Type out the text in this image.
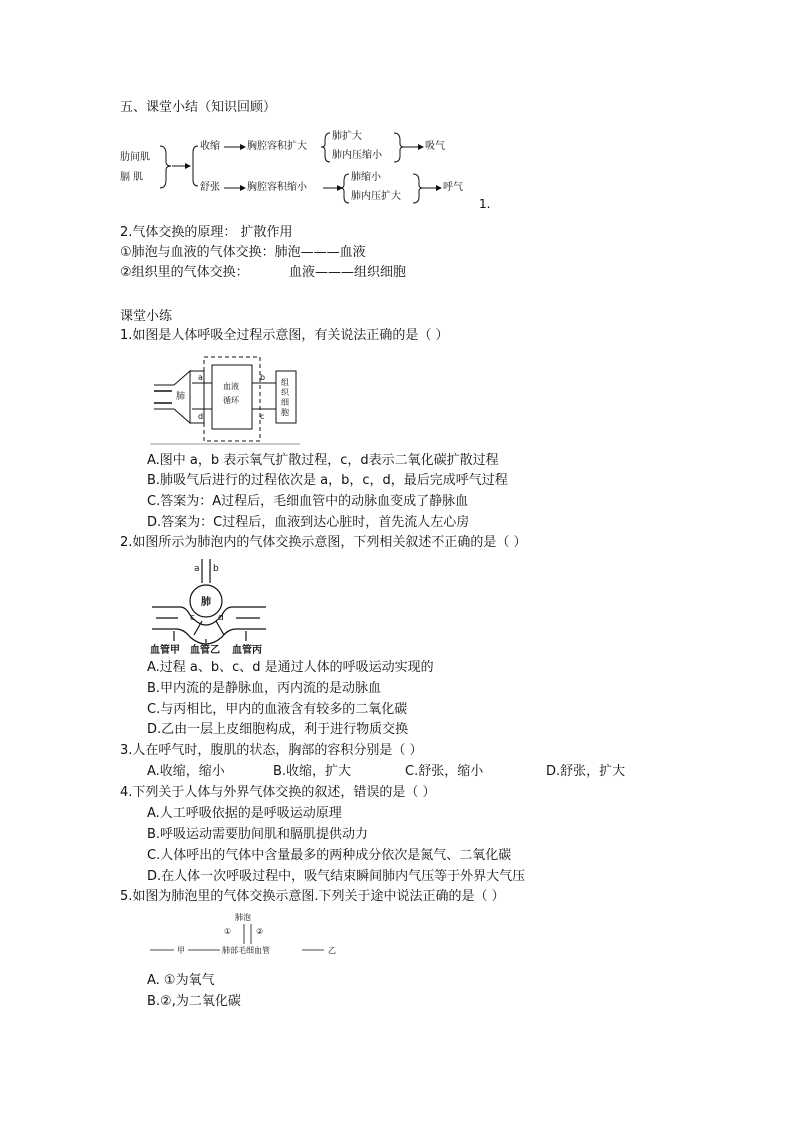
五、课堂小结（知识回顾）
肋间肌
膈 肌
收缩	胸腔容积扩大
肺扩大
肺内压缩小
吸气
舒张	胸腔容积缩小
肺缩小
肺内压扩大
呼气
1.
2.气体交换的原理： 扩散作用
①肺泡与血液的气体交换：肺泡———血液
②组织里的气体交换：	血液———组织细胞
课堂小练
1.如图是人体呼吸全过程示意图，有关说法正确的是（ ）
肺
a
d
b
c
血液
循环
组
织
细
胞
A.图中 a，b 表示氧气扩散过程，c，d表示二氧化碳扩散过程
B.肺吸气后进行的过程依次是 a，b，c，d，最后完成呼气过程
C.答案为：A过程后，毛细血管中的动脉血变成了静脉血
D.答案为：C过程后，血液到达心脏时，首先流人左心房
2.如图所示为肺泡内的气体交换示意图，下列相关叙述不正确的是（ ）
a b
c	d
肺
血管甲 血管乙 血管丙
A.过程 a、b、c、d 是通过人体的呼吸运动实现的
B.甲内流的是静脉血，丙内流的是动脉血
C.与丙相比，甲内的血液含有较多的二氧化碳
D.乙由一层上皮细胞构成，利于进行物质交换
3.人在呼气时，腹肌的状态，胸部的容积分别是（ ）
A.收缩，缩小	B.收缩，扩大	C.舒张，缩小	D.舒张，扩大
4.下列关于人体与外界气体交换的叙述，错误的是（ ）
A.人工呼吸依据的是呼吸运动原理
B.呼吸运动需要肋间肌和膈肌提供动力
C.人体呼出的气体中含量最多的两种成分依次是氮气、二氧化碳
D.在人体一次呼吸过程中，吸气结束瞬间肺内气压等于外界大气压
5.如图为肺泡里的气体交换示意图.下列关于途中说法正确的是（ ）
肺泡
①	②
甲	肺部毛细血管	乙
A. ①为氧气
B.②,为二氧化碳
